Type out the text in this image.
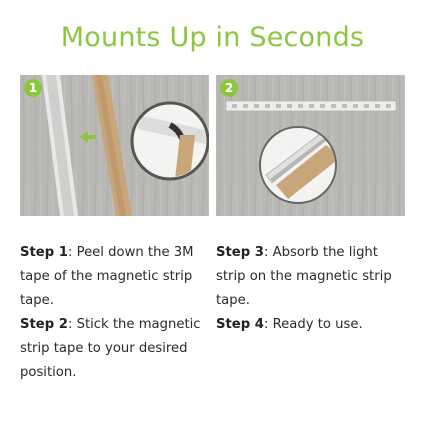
Mounts Up in Seconds
1	2

Step 1: Peel down the 3M tape of the magnetic strip tape.

Step 2: Stick the magnetic strip tape to your desired position.

Step 3: Absorb the light strip on the magnetic strip tape.

Step 4: Ready to use.
